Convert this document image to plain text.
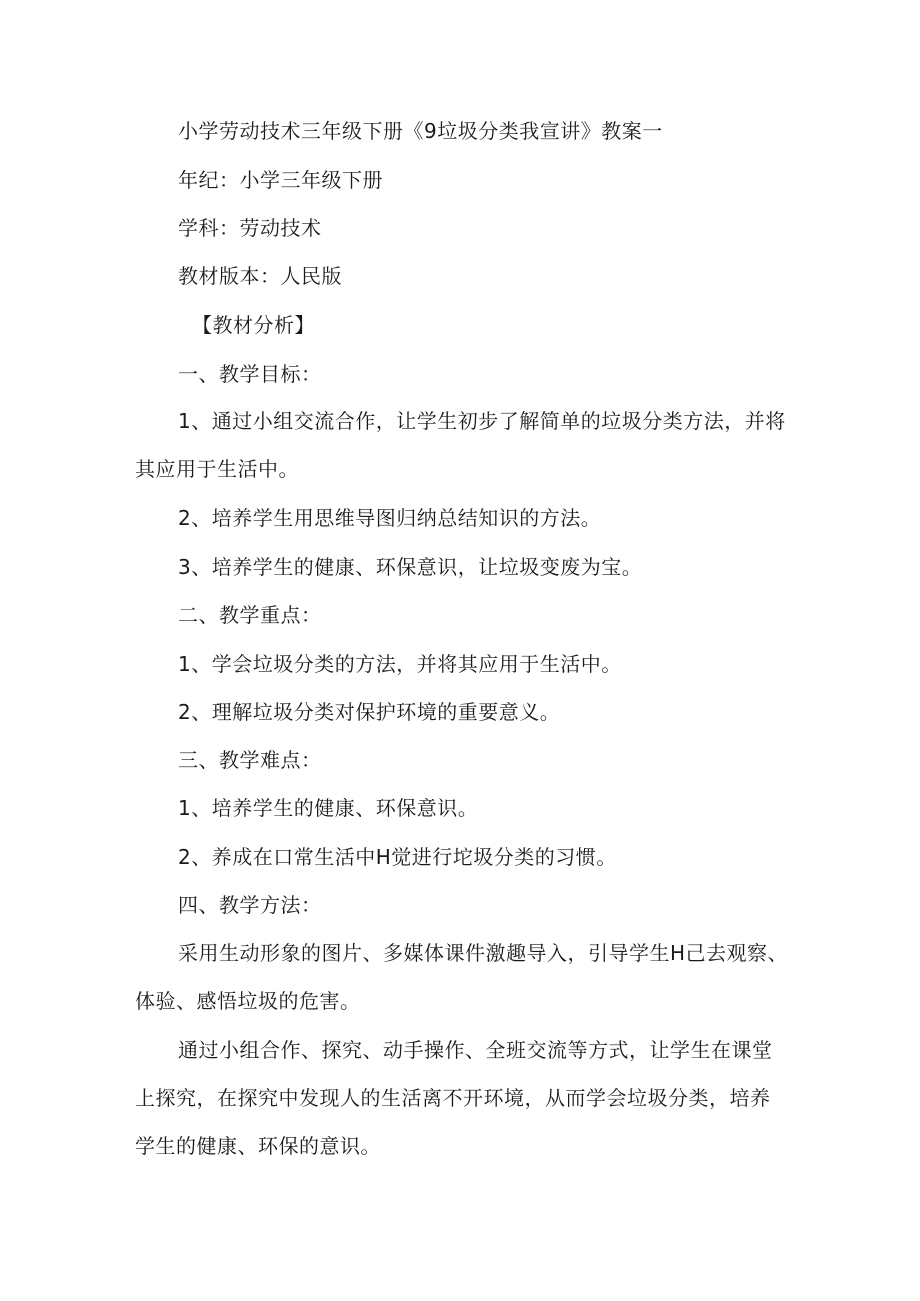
小学劳动技术三年级下册《9垃圾分类我宣讲》教案一
年纪：小学三年级下册
学科：劳动技术
教材版本：人民版
【教材分析】
一、教学目标：
1、通过小组交流合作，让学生初步了解简单的垃圾分类方法，并将其应用于生活中。
2、培养学生用思维导图归纳总结知识的方法。
3、培养学生的健康、环保意识，让垃圾变废为宝。
二、教学重点：
1、学会垃圾分类的方法，并将其应用于生活中。
2、理解垃圾分类对保护环境的重要意义。
三、教学难点：
1、培养学生的健康、环保意识。
2、养成在口常生活中H觉进行坨圾分类的习惯。
四、教学方法：
采用生动形象的图片、多媒体课件激趣导入，引导学生H己去观察、体验、感悟垃圾的危害。
通过小组合作、探究、动手操作、全班交流等方式，让学生在课堂上探究，在探究中发现人的生活离不开环境，从而学会垃圾分类，培养学生的健康、环保的意识。
